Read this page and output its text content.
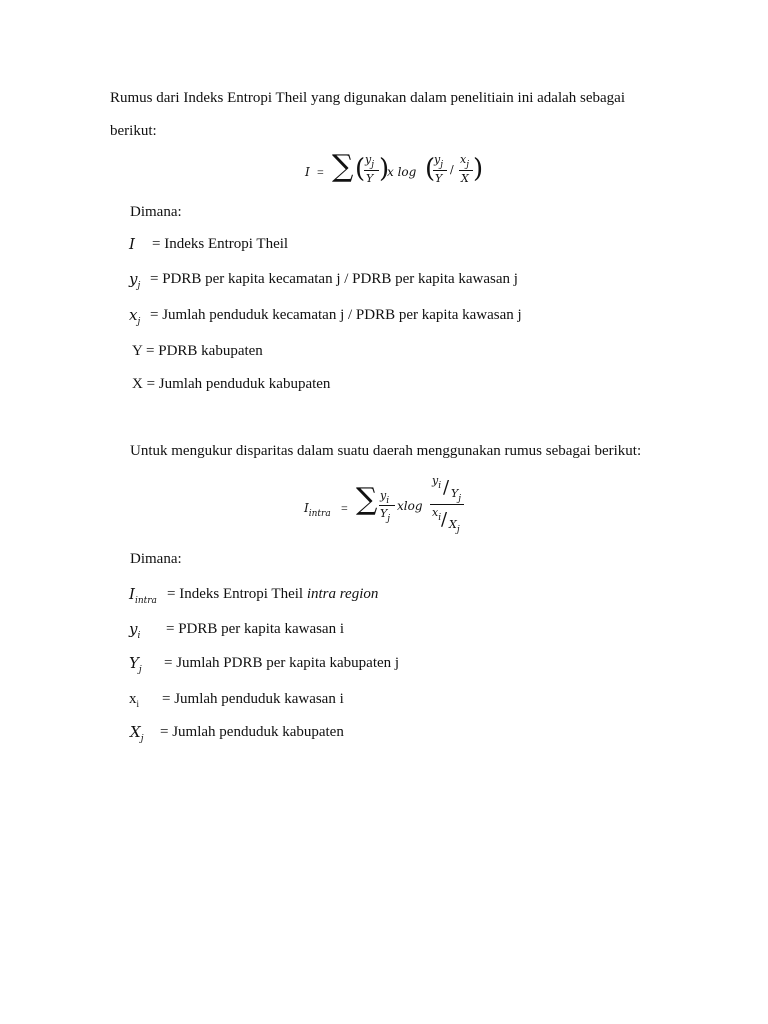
Rumus dari Indeks Entropi Theil yang digunakan dalam penelitiain ini adalah sebagai
berikut:
I = ∑ ( $y_j$
Y )
x log (
$y_j$
Y
/
$x_j$
X )
Dimana:
I = Indeks Entropi Theil
$y_j$ = PDRB per kapita kecamatan j / PDRB per kapita kawasan j
$x_j$ = Jumlah penduduk kecamatan j / PDRB per kapita kawasan j
Y = PDRB kabupaten
X = Jumlah penduduk kabupaten
Untuk mengukur disparitas dalam suatu daerah menggunakan rumus sebagai berikut:
$I_{intra}$ = ∑ $y_i$
$Y_j$
xlog
$y_i / Y_j$
$x_i / X_j$
Dimana:
$I_{intra}$ = Indeks Entropi Theil intra region
$y_i$ = PDRB per kapita kawasan i
$Y_j$ = Jumlah PDRB per kapita kabupaten j
$x_i$ = Jumlah penduduk kawasan i
$X_j$ = Jumlah penduduk kabupaten
